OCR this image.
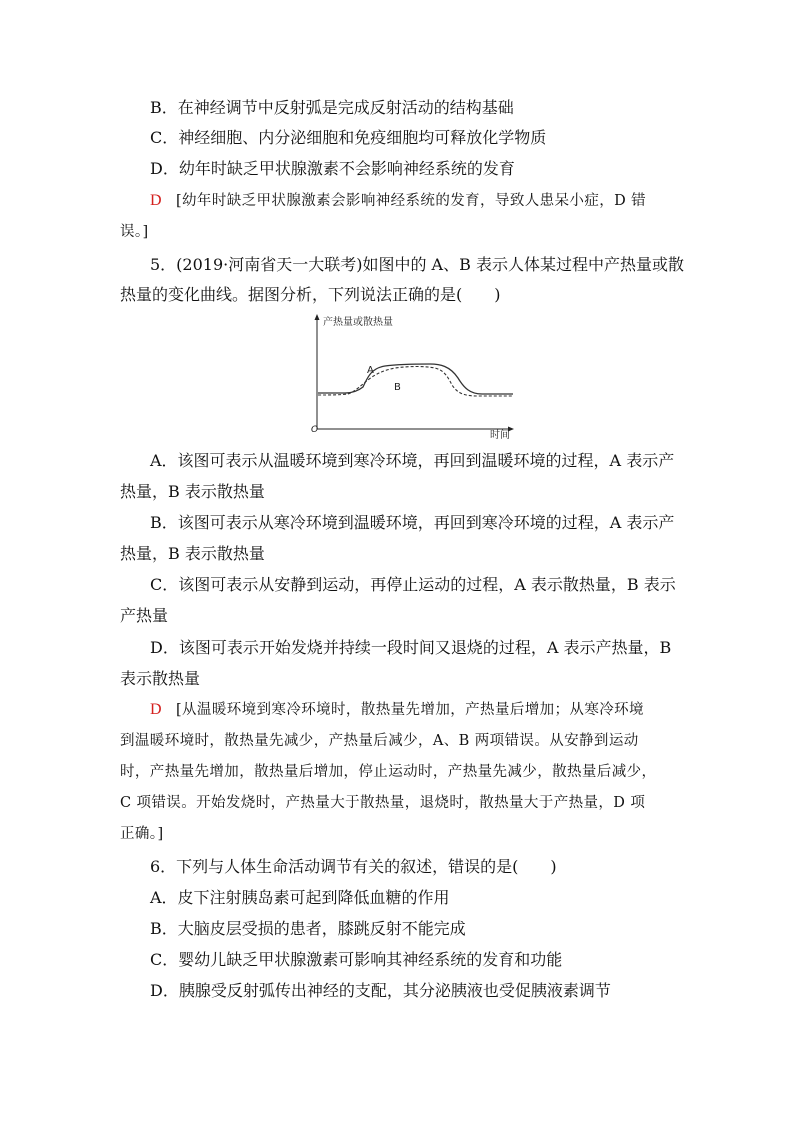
B．在神经调节中反射弧是完成反射活动的结构基础
C．神经细胞、内分泌细胞和免疫细胞均可释放化学物质
D．幼年时缺乏甲状腺激素不会影响神经系统的发育
D [幼年时缺乏甲状腺激素会影响神经系统的发育，导致人患呆小症，D 错
误。]
5．(2019·河南省天一大联考)如图中的 A、B 表示人体某过程中产热量或散
热量的变化曲线。据图分析，下列说法正确的是(　　)
产热量或散热量
时间
O
A
B
A．该图可表示从温暖环境到寒冷环境，再回到温暖环境的过程，A 表示产
热量，B 表示散热量
B．该图可表示从寒冷环境到温暖环境，再回到寒冷环境的过程，A 表示产
热量，B 表示散热量
C．该图可表示从安静到运动，再停止运动的过程，A 表示散热量，B 表示
产热量
D．该图可表示开始发烧并持续一段时间又退烧的过程，A 表示产热量，B
表示散热量
D [从温暖环境到寒冷环境时，散热量先增加，产热量后增加；从寒冷环境
到温暖环境时，散热量先减少，产热量后减少，A、B 两项错误。从安静到运动
时，产热量先增加，散热量后增加，停止运动时，产热量先减少，散热量后减少，
C 项错误。开始发烧时，产热量大于散热量，退烧时，散热量大于产热量，D 项
正确。]
6．下列与人体生命活动调节有关的叙述，错误的是(　　)
A．皮下注射胰岛素可起到降低血糖的作用
B．大脑皮层受损的患者，膝跳反射不能完成
C．婴幼儿缺乏甲状腺激素可影响其神经系统的发育和功能
D．胰腺受反射弧传出神经的支配，其分泌胰液也受促胰液素调节
